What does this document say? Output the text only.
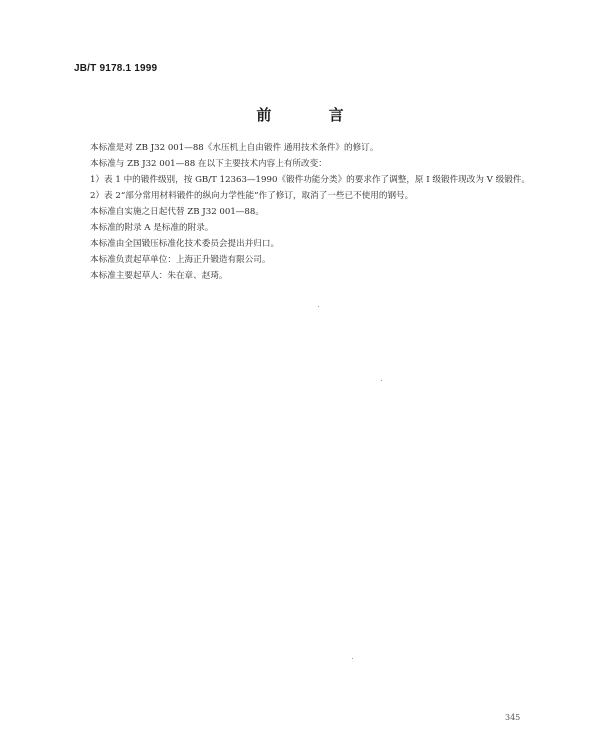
JB/T 9178.1 1999
前 言

本标准是对 ZB J32 001—88《水压机上自由锻件 通用技术条件》的修订。

本标准与 ZB J32 001—88 在以下主要技术内容上有所改变：

1）表 1 中的锻件级别，按 GB/T 12363—1990《锻件功能分类》的要求作了调整，原 I 级锻件现改为 V 级锻件。

2）表 2“部分常用材料锻件的纵向力学性能”作了修订，取消了一些已不使用的钢号。

本标准自实施之日起代替 ZB J32 001—88。

本标准的附录 A 是标准的附录。

本标准由全国锻压标准化技术委员会提出并归口。

本标准负责起草单位：上海正升锻造有限公司。

本标准主要起草人：朱在章、赵琦。

345
